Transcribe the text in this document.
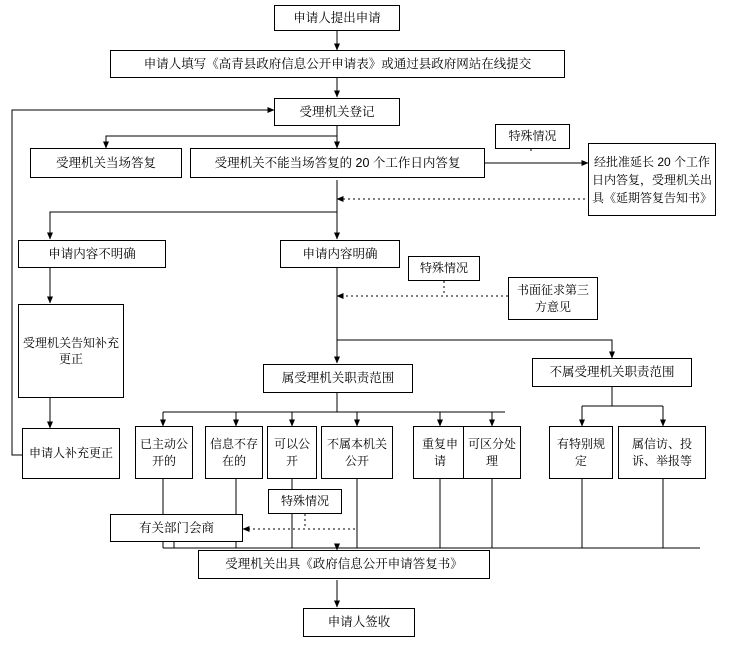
申请人提出申请
申请人填写《高青县政府信息公开申请表》或通过县政府网站在线提交
受理机关登记
受理机关当场答复	受理机关不能当场答复的 20 个工作日内答复
特殊情况
经批准延长 20 个工作日内答复，受理机关出具《延期答复告知书》
申请内容不明确	申请内容明确
特殊情况
书面征求第三方意见
受理机关告知补充更正
属受理机关职责范围	不属受理机关职责范围
申请人补充更正
已主动公开的
信息不存在的
可以公开
不属本机关公开
重复申请
可区分处理
有特别规定
属信访、投诉、举报等
特殊情况
有关部门会商
受理机关出具《政府信息公开申请答复书》
申请人签收
